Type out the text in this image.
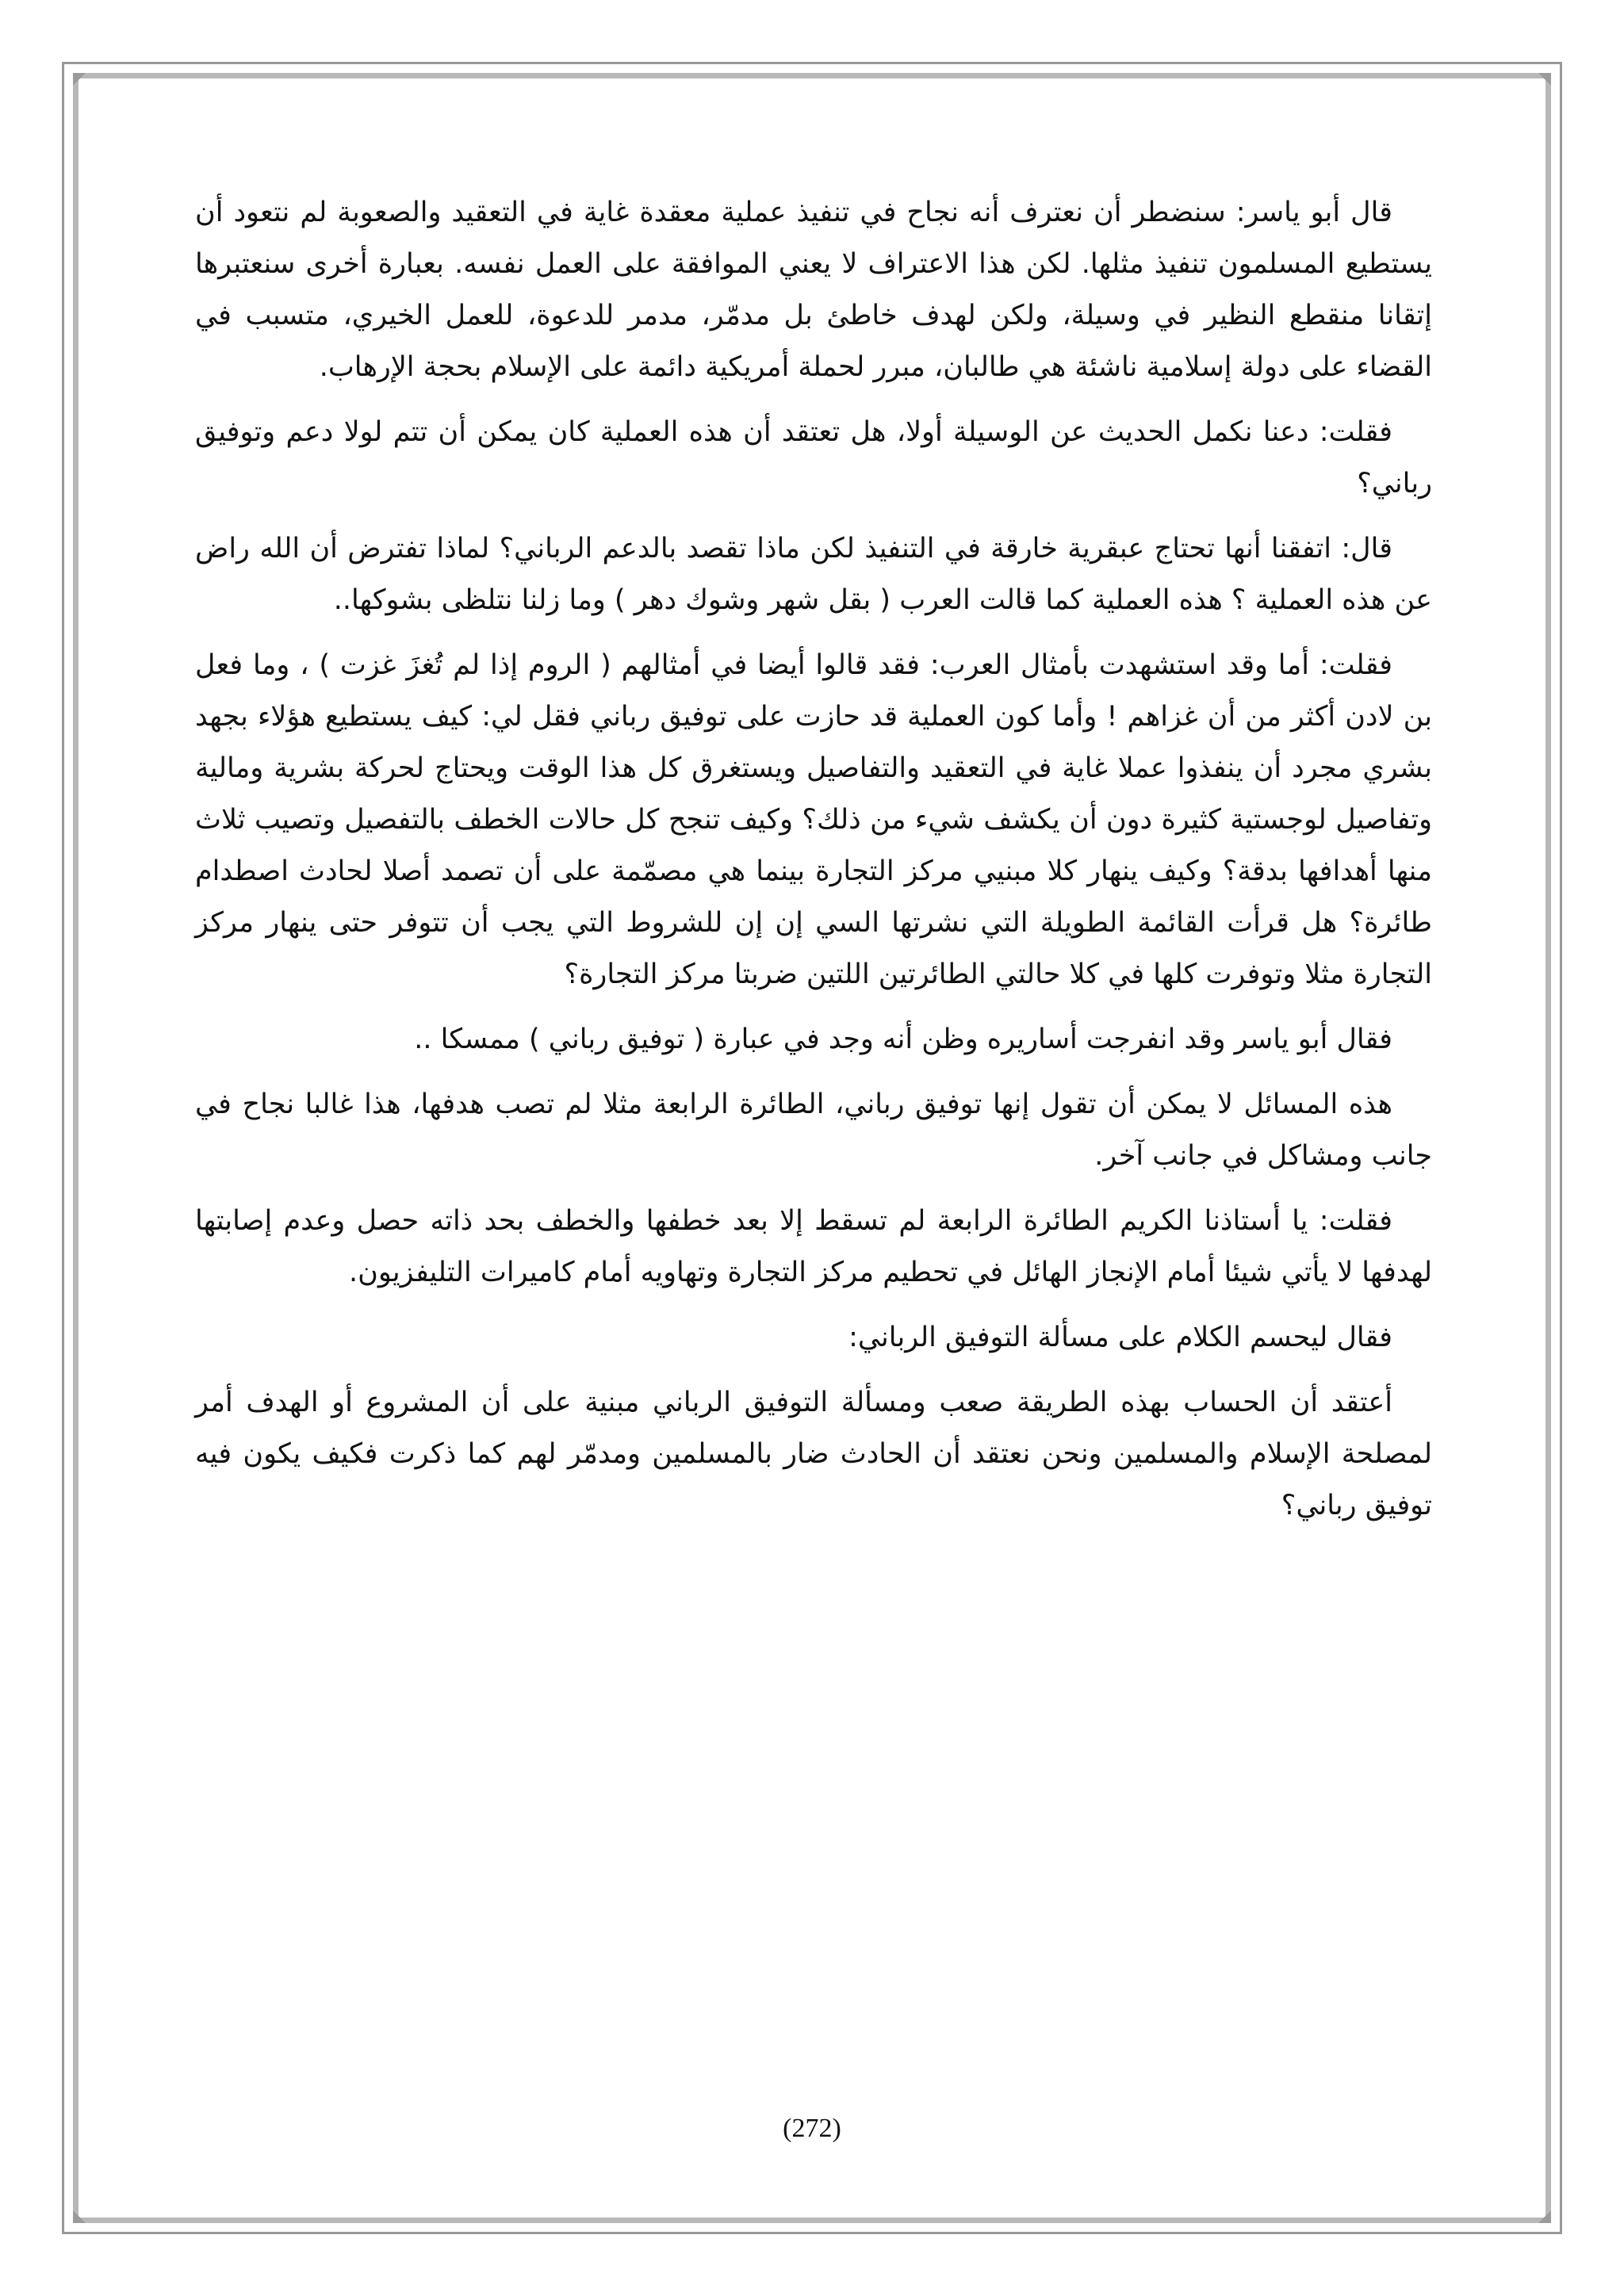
قال أبو ياسر: سنضطر أن نعترف أنه نجاح في تنفيذ عملية معقدة غاية في التعقيد والصعوبة لم نتعود أن يستطيع المسلمون تنفيذ مثلها. لكن هذا الاعتراف لا يعني الموافقة على العمل نفسه. بعبارة أخرى سنعتبرها إتقانا منقطع النظير في وسيلة، ولكن لهدف خاطئ بل مدمّر، مدمر للدعوة، للعمل الخيري، متسبب في القضاء على دولة إسلامية ناشئة هي طالبان، مبرر لحملة أمريكية دائمة على الإسلام بحجة الإرهاب.

فقلت: دعنا نكمل الحديث عن الوسيلة أولا، هل تعتقد أن هذه العملية كان يمكن أن تتم لولا دعم وتوفيق رباني؟

قال: اتفقنا أنها تحتاج عبقرية خارقة في التنفيذ لكن ماذا تقصد بالدعم الرباني؟ لماذا تفترض أن الله راض عن هذه العملية ؟ هذه العملية كما قالت العرب ( بقل شهر وشوك دهر ) وما زلنا نتلظى بشوكها..

فقلت: أما وقد استشهدت بأمثال العرب: فقد قالوا أيضا في أمثالهم ( الروم إذا لم تُغزَ غزت ) ، وما فعل بن لادن أكثر من أن غزاهم ! وأما كون العملية قد حازت على توفيق رباني فقل لي: كيف يستطيع هؤلاء بجهد بشري مجرد أن ينفذوا عملا غاية في التعقيد والتفاصيل ويستغرق كل هذا الوقت ويحتاج لحركة بشرية ومالية وتفاصيل لوجستية كثيرة دون أن يكشف شيء من ذلك؟ وكيف تنجح كل حالات الخطف بالتفصيل وتصيب ثلاث منها أهدافها بدقة؟ وكيف ينهار كلا مبنيي مركز التجارة بينما هي مصمّمة على أن تصمد أصلا لحادث اصطدام طائرة؟ هل قرأت القائمة الطويلة التي نشرتها السي إن إن للشروط التي يجب أن تتوفر حتى ينهار مركز التجارة مثلا وتوفرت كلها في كلا حالتي الطائرتين اللتين ضربتا مركز التجارة؟

فقال أبو ياسر وقد انفرجت أساريره وظن أنه وجد في عبارة ( توفيق رباني ) ممسكا ..

هذه المسائل لا يمكن أن تقول إنها توفيق رباني، الطائرة الرابعة مثلا لم تصب هدفها، هذا غالبا نجاح في جانب ومشاكل في جانب آخر.

فقلت: يا أستاذنا الكريم الطائرة الرابعة لم تسقط إلا بعد خطفها والخطف بحد ذاته حصل وعدم إصابتها لهدفها لا يأتي شيئا أمام الإنجاز الهائل في تحطيم مركز التجارة وتهاويه أمام كاميرات التليفزيون.

فقال ليحسم الكلام على مسألة التوفيق الرباني:

أعتقد أن الحساب بهذه الطريقة صعب ومسألة التوفيق الرباني مبنية على أن المشروع أو الهدف أمر لمصلحة الإسلام والمسلمين ونحن نعتقد أن الحادث ضار بالمسلمين ومدمّر لهم كما ذكرت فكيف يكون فيه توفيق رباني؟

(272)
